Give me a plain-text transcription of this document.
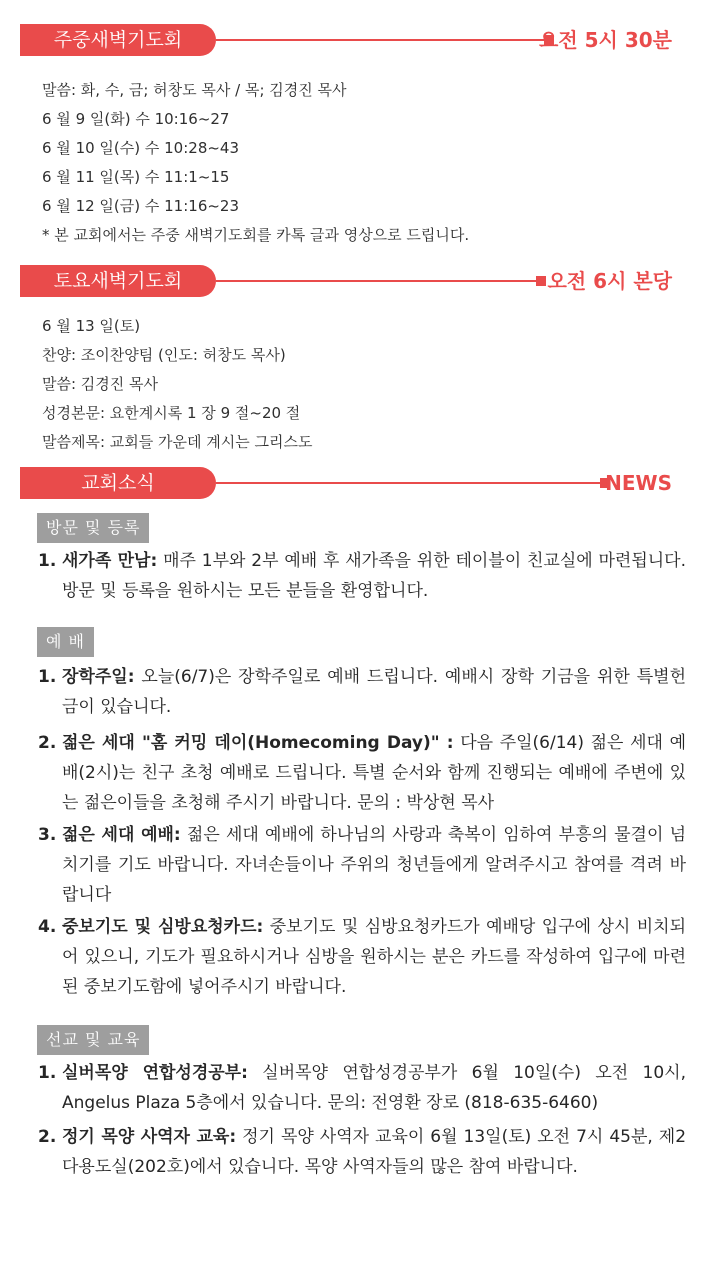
주중새벽기도회	오전 5시 30분
말씀: 화, 수, 금; 허창도 목사 / 목; 김경진 목사
6 월 9 일(화) 수 10:16~27
6 월 10 일(수) 수 10:28~43
6 월 11 일(목) 수 11:1~15
6 월 12 일(금) 수 11:16~23
* 본 교회에서는 주중 새벽기도회를 카톡 글과 영상으로 드립니다.
토요새벽기도회	오전 6시 본당
6 월 13 일(토)
찬양: 조이찬양팀 (인도: 허창도 목사)
말씀: 김경진 목사
성경본문: 요한계시록 1 장 9 절~20 절
말씀제목: 교회들 가운데 계시는 그리스도
교회소식	NEWS
방문 및 등록
1. 새가족 만남: 매주 1부와 2부 예배 후 새가족을 위한 테이블이 친교실에 마련됩니다. 방문 및 등록을 원하시는 모든 분들을 환영합니다.
예 배
1. 장학주일: 오늘(6/7)은 장학주일로 예배 드립니다. 예배시 장학 기금을 위한 특별헌금이 있습니다.
2. 젊은 세대 "홈 커밍 데이(Homecoming Day)" : 다음 주일(6/14) 젊은 세대 예배(2시)는 친구 초청 예배로 드립니다. 특별 순서와 함께 진행되는 예배에 주변에 있는 젊은이들을 초청해 주시기 바랍니다. 문의 : 박상현 목사
3. 젊은 세대 예배: 젊은 세대 예배에 하나님의 사랑과 축복이 임하여 부흥의 물결이 넘치기를 기도 바랍니다. 자녀손들이나 주위의 청년들에게 알려주시고 참여를 격려 바랍니다
4. 중보기도 및 심방요청카드: 중보기도 및 심방요청카드가 예배당 입구에 상시 비치되어 있으니, 기도가 필요하시거나 심방을 원하시는 분은 카드를 작성하여 입구에 마련된 중보기도함에 넣어주시기 바랍니다.
선교 및 교육
1. 실버목양 연합성경공부: 실버목양 연합성경공부가 6월 10일(수) 오전 10시, Angelus Plaza 5층에서 있습니다. 문의: 전영환 장로 (818-635-6460)
2. 정기 목양 사역자 교육: 정기 목양 사역자 교육이 6월 13일(토) 오전 7시 45분, 제2다용도실(202호)에서 있습니다. 목양 사역자들의 많은 참여 바랍니다.
